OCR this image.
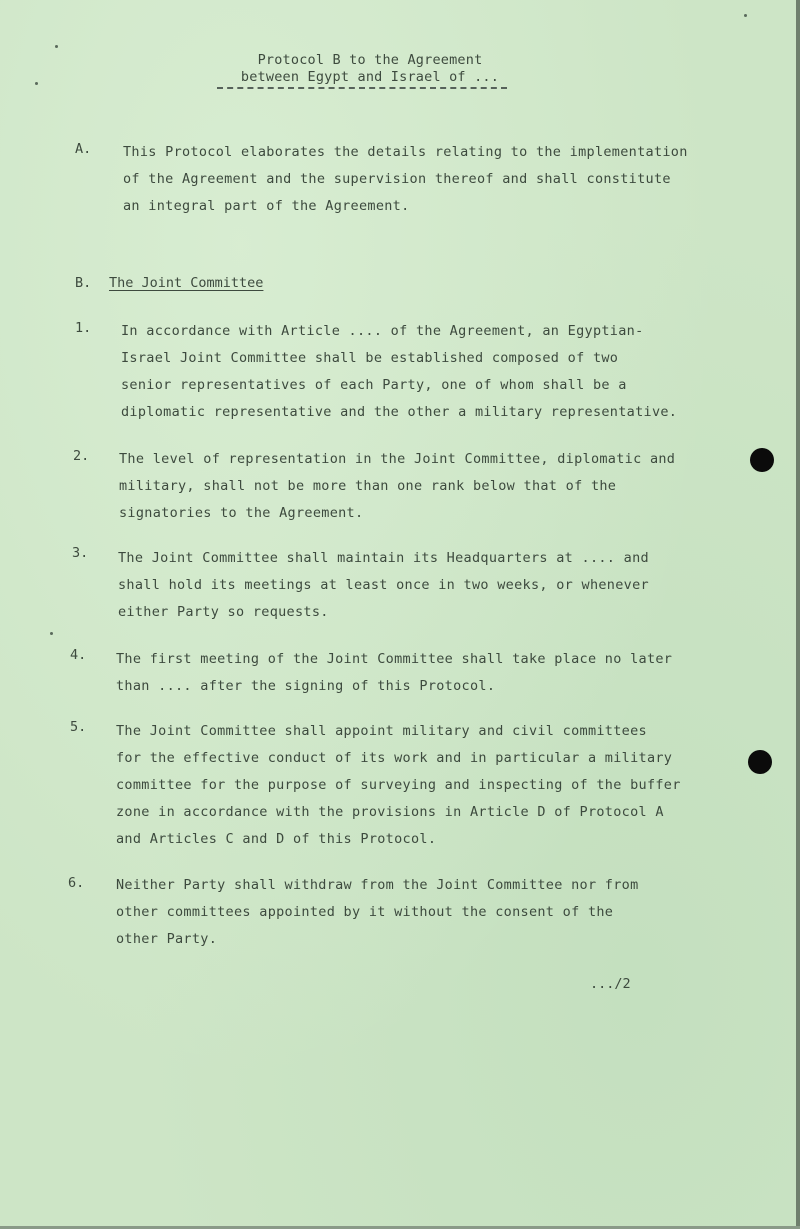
Protocol B to the Agreement
between Egypt and Israel of ...
A. This Protocol elaborates the details relating to the implementation
of the Agreement and the supervision thereof and shall constitute
an integral part of the Agreement.
B. The Joint Committee
1. In accordance with Article .... of the Agreement, an Egyptian-
Israel Joint Committee shall be established composed of two
senior representatives of each Party, one of whom shall be a
diplomatic representative and the other a military representative.
2. The level of representation in the Joint Committee, diplomatic and
military, shall not be more than one rank below that of the
signatories to the Agreement.
3. The Joint Committee shall maintain its Headquarters at .... and
shall hold its meetings at least once in two weeks, or whenever
either Party so requests.
4. The first meeting of the Joint Committee shall take place no later
than .... after the signing of this Protocol.
5. The Joint Committee shall appoint military and civil committees
for the effective conduct of its work and in particular a military
committee for the purpose of surveying and inspecting of the buffer
zone in accordance with the provisions in Article D of Protocol A
and Articles C and D of this Protocol.
6. Neither Party shall withdraw from the Joint Committee nor from
other committees appointed by it without the consent of the
other Party.
.../2
